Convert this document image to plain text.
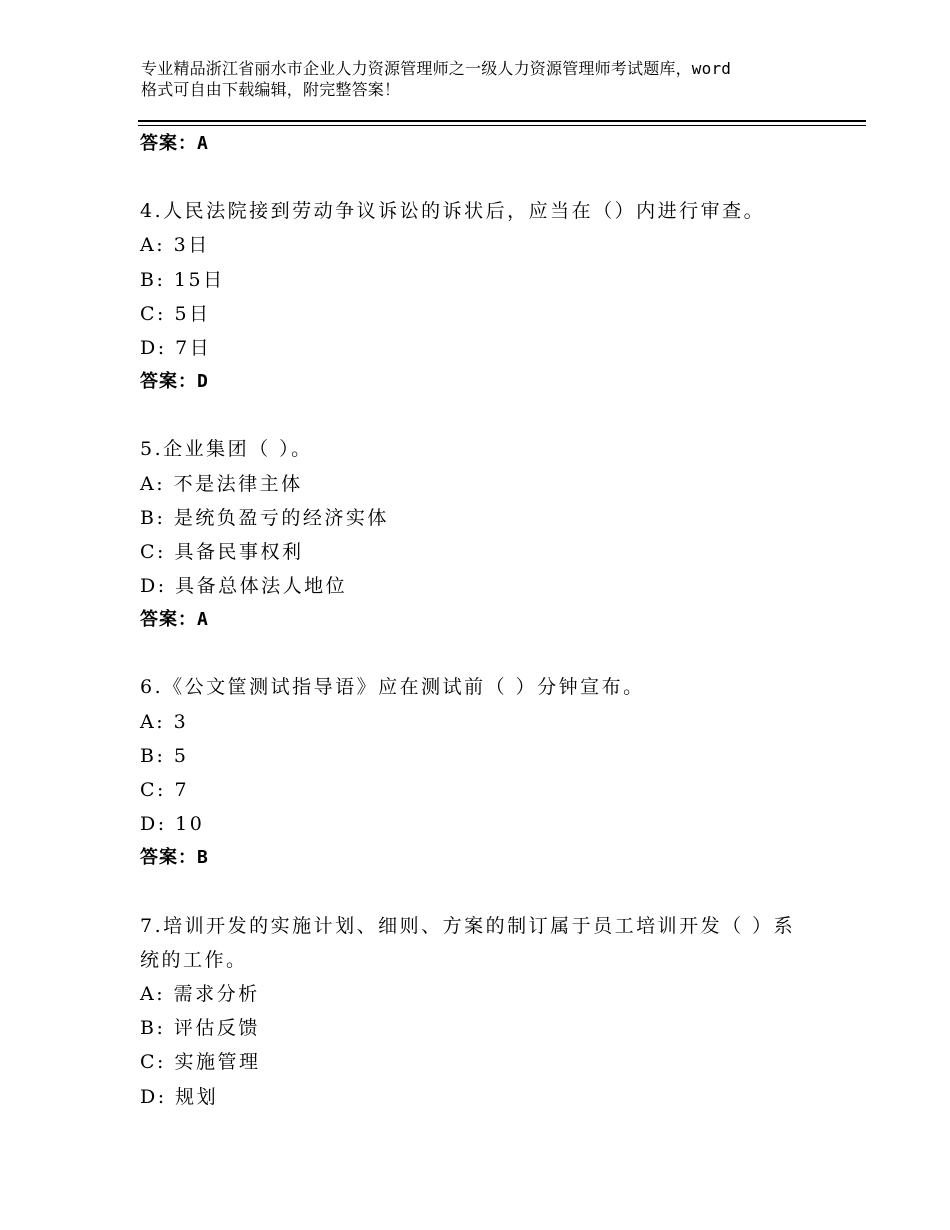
专业精品浙江省丽水市企业人力资源管理师之一级人力资源管理师考试题库，word
格式可自由下载编辑，附完整答案！
答案：A
4.人民法院接到劳动争议诉讼的诉状后，应当在（）内进行审查。
A: 3日
B: 15日
C: 5日
D: 7日
答案：D
5.企业集团（ ）。
A: 不是法律主体
B: 是统负盈亏的经济实体
C: 具备民事权利
D: 具备总体法人地位
答案：A
6.《公文筐测试指导语》应在测试前（ ）分钟宣布。
A: 3
B: 5
C: 7
D: 10
答案：B
7.培训开发的实施计划、细则、方案的制订属于员工培训开发（ ）系
统的工作。
A: 需求分析
B: 评估反馈
C: 实施管理
D: 规划
